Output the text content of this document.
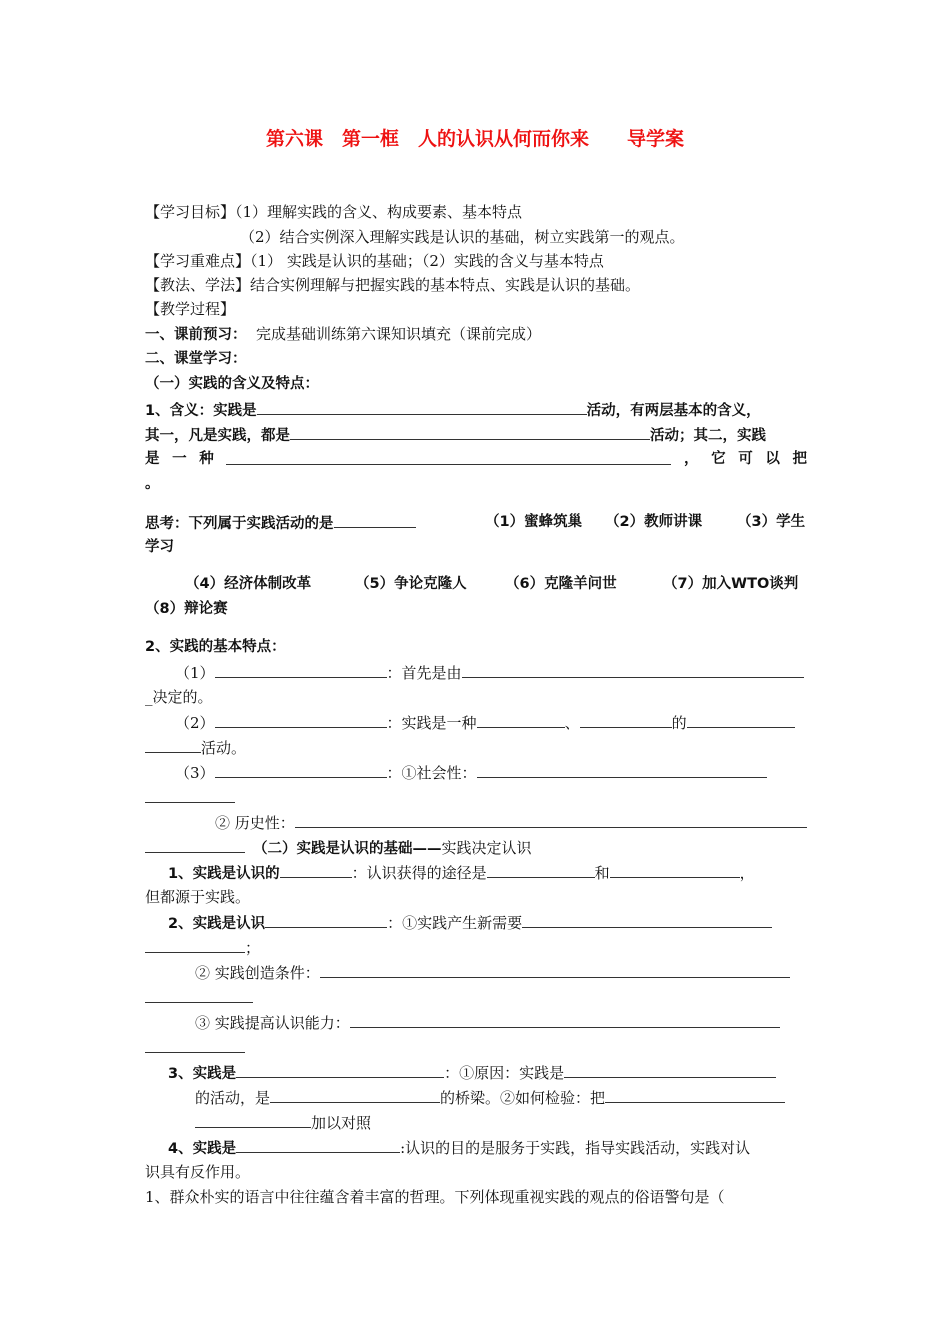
第六课　第一框　人的认识从何而你来　　导学案
【学习目标】（1）理解实践的含义、构成要素、基本特点
（2）结合实例深入理解实践是认识的基础，树立实践第一的观点。
【学习重难点】（1） 实践是认识的基础；（2）实践的含义与基本特点
【教法、学法】结合实例理解与把握实践的基本特点、实践是认识的基础。
【教学过程】
一、课前预习： 完成基础训练第六课知识填充（课前完成）
二、课堂学习：
（一）实践的含义及特点：
1、含义：实践是	活动，有两层基本的含义，
其一，凡是实践，都是	活动；其二，实践
是 一 种	， 它 可 以 把
。
思考：下列属于实践活动的是	（1）蜜蜂筑巢 （2）教师讲课 （3）学生
学习
（4）经济体制改革	（5）争论克隆人	（6）克隆羊问世	（7）加入WTO谈判
（8）辩论赛
2、实践的基本特点：
（1）	：首先是由
_决定的。
（2）	：实践是一种	、	的
活动。
（3）	：①社会性：
② 历史性：
（二）实践是认识的基础——实践决定认识
1、实践是认识的	：认识获得的途径是	和	，
但都源于实践。
2、实践是认识	：①实践产生新需要
；
② 实践创造条件：
③ 实践提高认识能力：
3、实践是	：①原因：实践是
的活动，是	的桥梁。②如何检验：把
加以对照
4、实践是	:认识的目的是服务于实践，指导实践活动，实践对认
识具有反作用。
1、群众朴实的语言中往往蕴含着丰富的哲理。下列体现重视实践的观点的俗语警句是（
